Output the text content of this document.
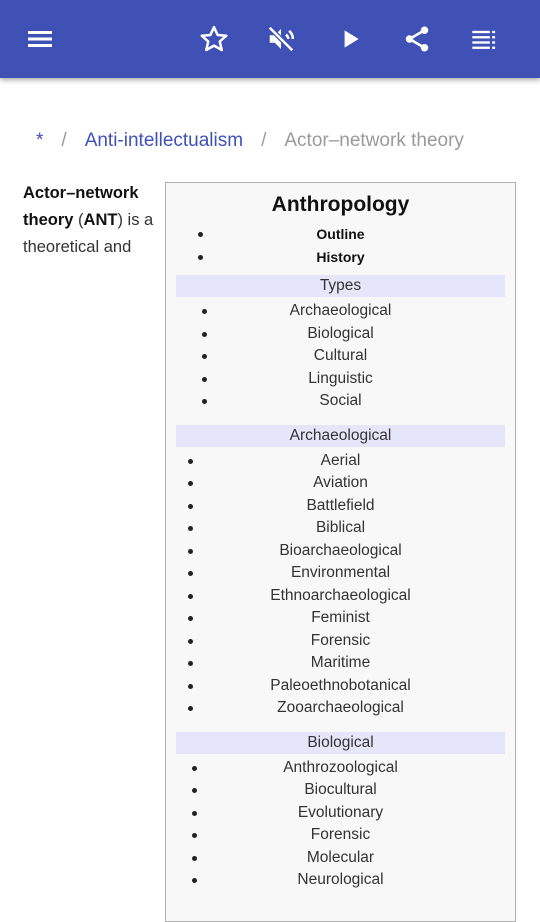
* / Anti-intellectualism / Actor–network theory
Actor–network theory (ANT) is a theoretical and
Anthropology
Outline
History
Types
Archaeological
Biological
Cultural
Linguistic
Social
Archaeological
Aerial
Aviation
Battlefield
Biblical
Bioarchaeological
Environmental
Ethnoarchaeological
Feminist
Forensic
Maritime
Paleoethnobotanical
Zooarchaeological
Biological
Anthrozoological
Biocultural
Evolutionary
Forensic
Molecular
Neurological
